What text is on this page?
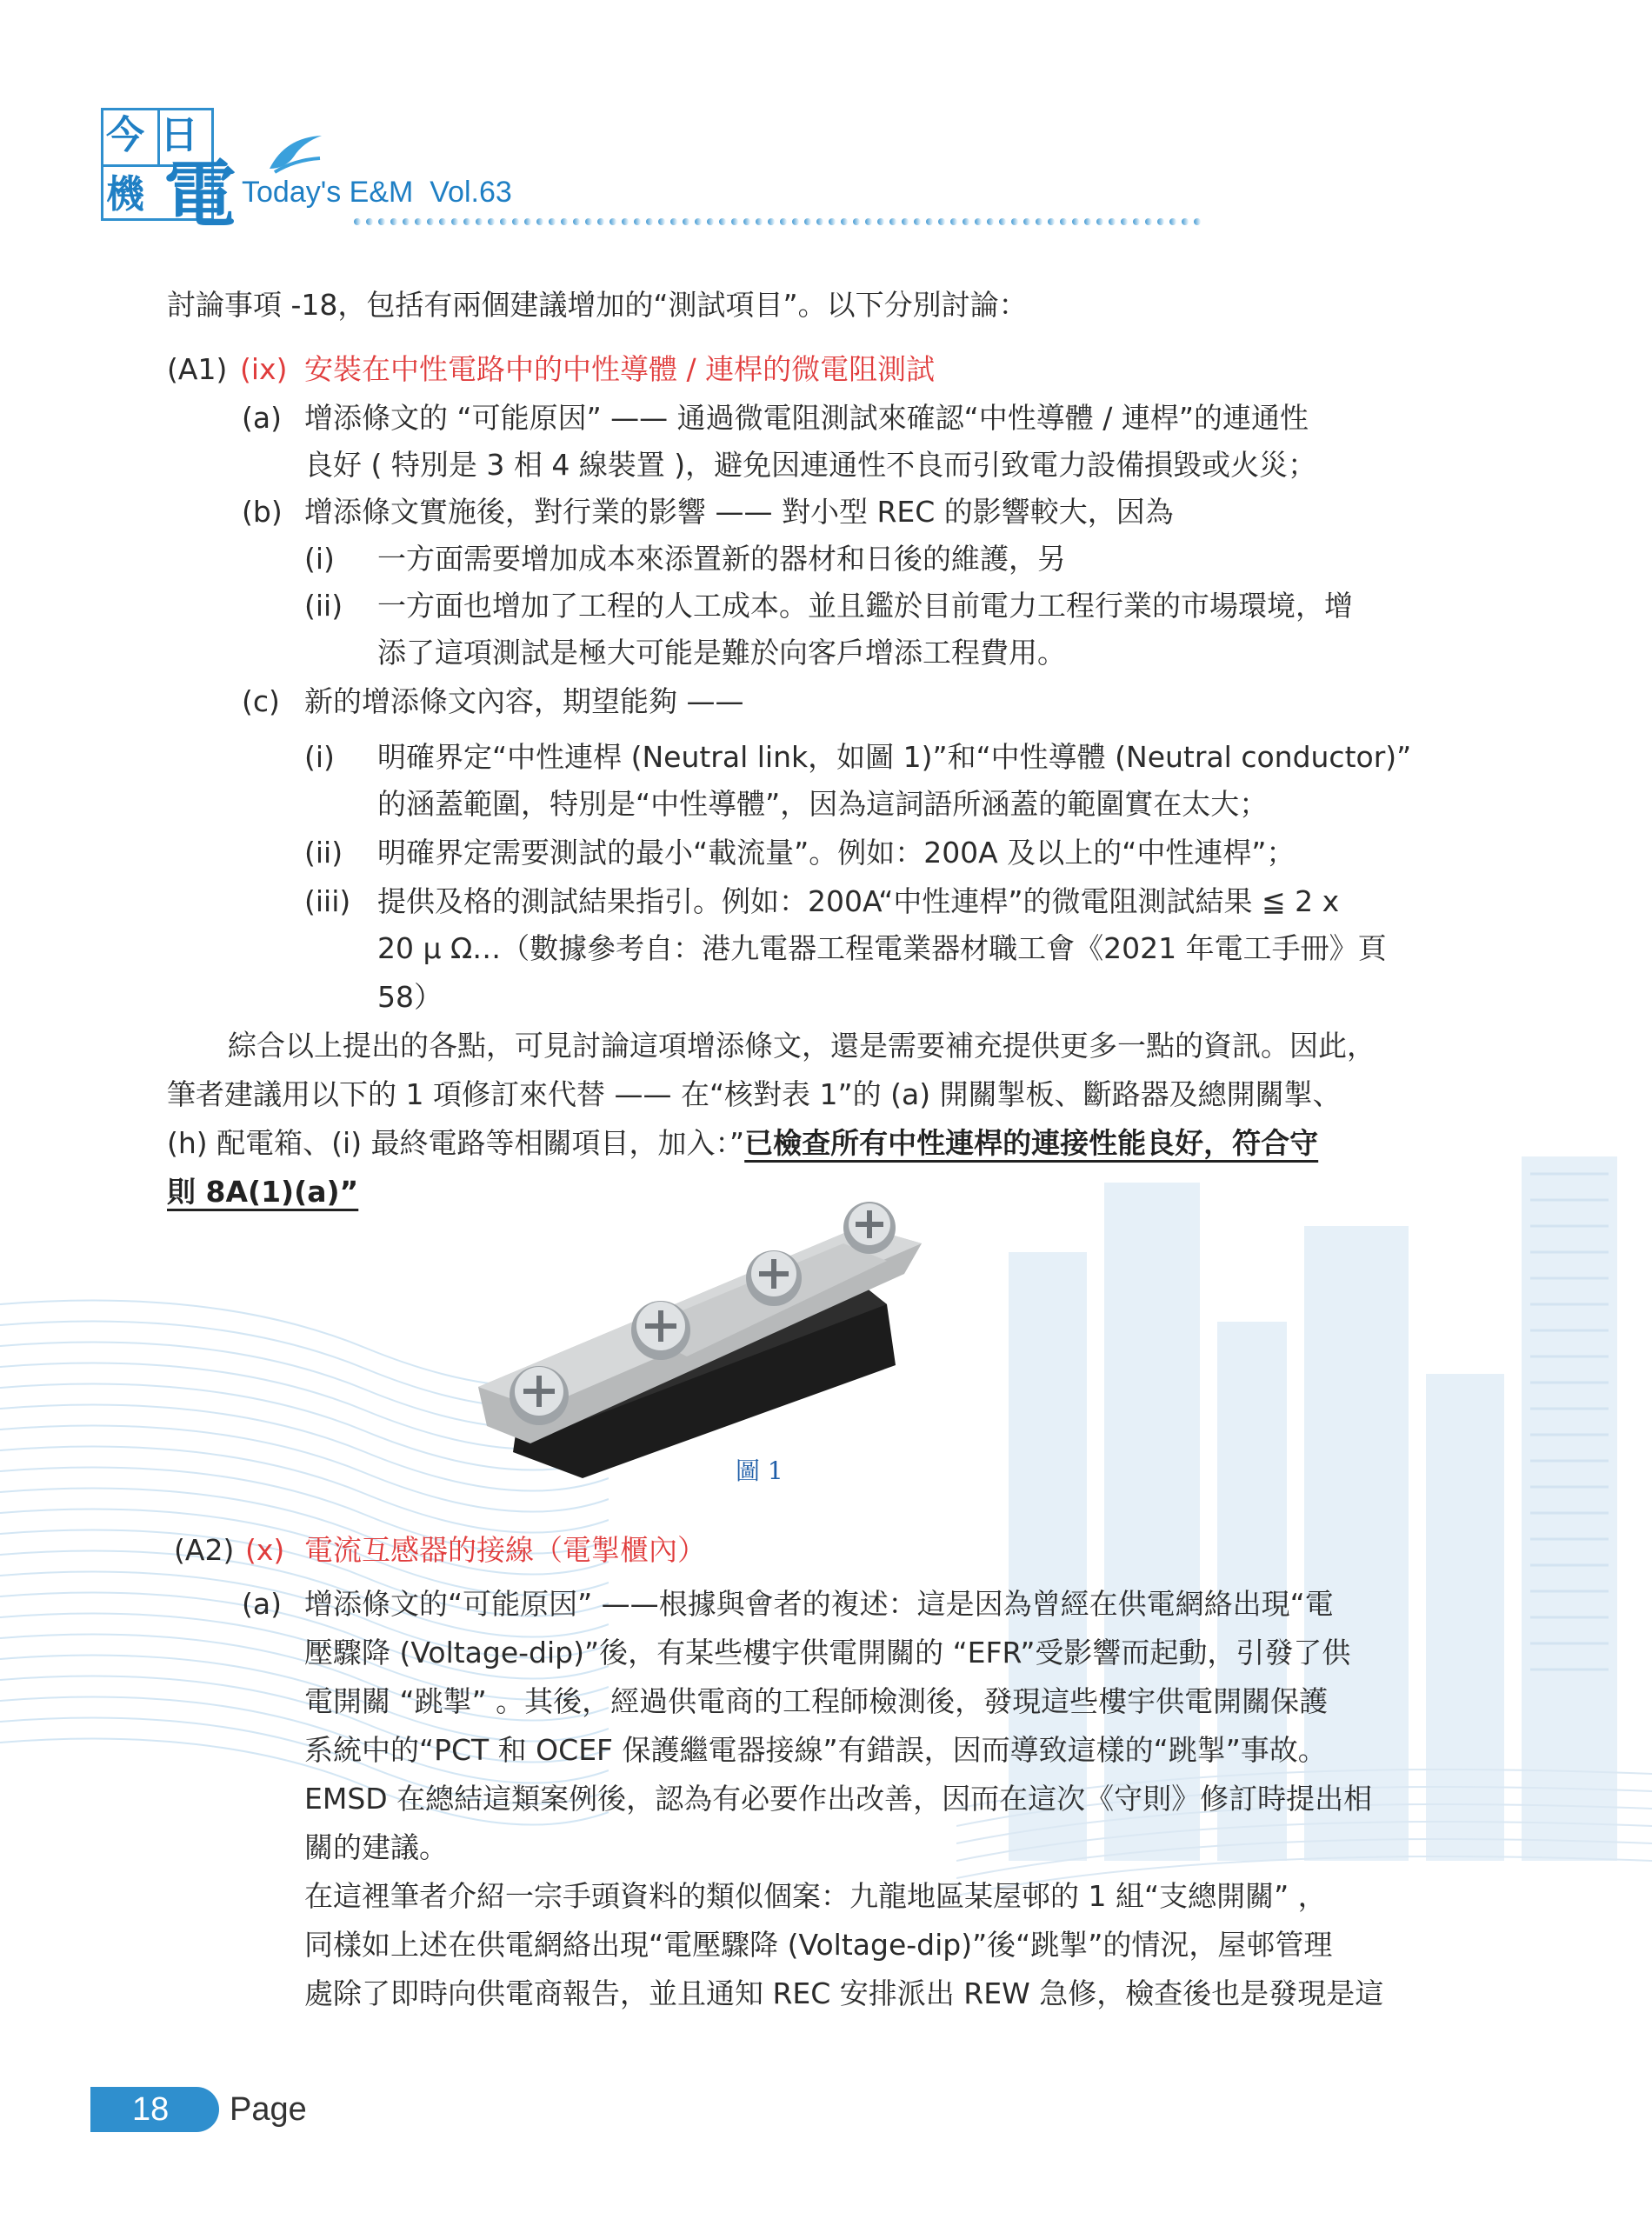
今 日
機 電 Today's E&M  Vol.63
討論事項 -18，包括有兩個建議增加的“測試項目”。以下分別討論：
(A1) (ix) 安裝在中性電路中的中性導體 / 連桿的微電阻測試
(a) 增添條文的 “可能原因” —— 通過微電阻測試來確認“中性導體 / 連桿”的連通性
良好 ( 特別是 3 相 4 線裝置 )，避免因連通性不良而引致電力設備損毀或火災；
(b) 增添條文實施後，對行業的影響 —— 對小型 REC 的影響較大，因為
(i) 一方面需要增加成本來添置新的器材和日後的維護，另
(ii) 一方面也增加了工程的人工成本。並且鑑於目前電力工程行業的市場環境，增
添了這項測試是極大可能是難於向客戶增添工程費用。
(c) 新的增添條文內容，期望能夠 ——
(i) 明確界定“中性連桿 (Neutral link，如圖 1)”和“中性導體 (Neutral conductor)”
的涵蓋範圍，特別是“中性導體”，因為這詞語所涵蓋的範圍實在太大；
(ii) 明確界定需要測試的最小“載流量”。例如：200A 及以上的“中性連桿”；
(iii) 提供及格的測試結果指引。例如：200A“中性連桿”的微電阻測試結果 ≦ 2 x
20 μ Ω…（數據參考自：港九電器工程電業器材職工會《2021 年電工手冊》頁
58）
綜合以上提出的各點，可見討論這項增添條文，還是需要補充提供更多一點的資訊。因此，
筆者建議用以下的 1 項修訂來代替 —— 在“核對表 1”的 (a) 開關掣板、斷路器及總開關掣、
(h) 配電箱、(i) 最終電路等相關項目，加入：”已檢查所有中性連桿的連接性能良好，符合守
則 8A(1)(a)”
圖 1
(A2) (x) 電流互感器的接線（電掣櫃內）
(a) 增添條文的“可能原因” ——根據與會者的複述：這是因為曾經在供電網絡出現“電
壓驟降 (Voltage-dip)”後，有某些樓宇供電開關的 “EFR”受影響而起動，引發了供
電開關 “跳掣” 。其後，經過供電商的工程師檢測後，發現這些樓宇供電開關保護
系統中的“PCT 和 OCEF 保護繼電器接線”有錯誤，因而導致這樣的“跳掣”事故。
EMSD 在總結這類案例後，認為有必要作出改善，因而在這次《守則》修訂時提出相
關的建議。
在這裡筆者介紹一宗手頭資料的類似個案：九龍地區某屋邨的 1 組“支總開關” ，
同樣如上述在供電網絡出現“電壓驟降 (Voltage-dip)”後“跳掣”的情況，屋邨管理
處除了即時向供電商報告，並且通知 REC 安排派出 REW 急修，檢查後也是發現是這
18 Page
